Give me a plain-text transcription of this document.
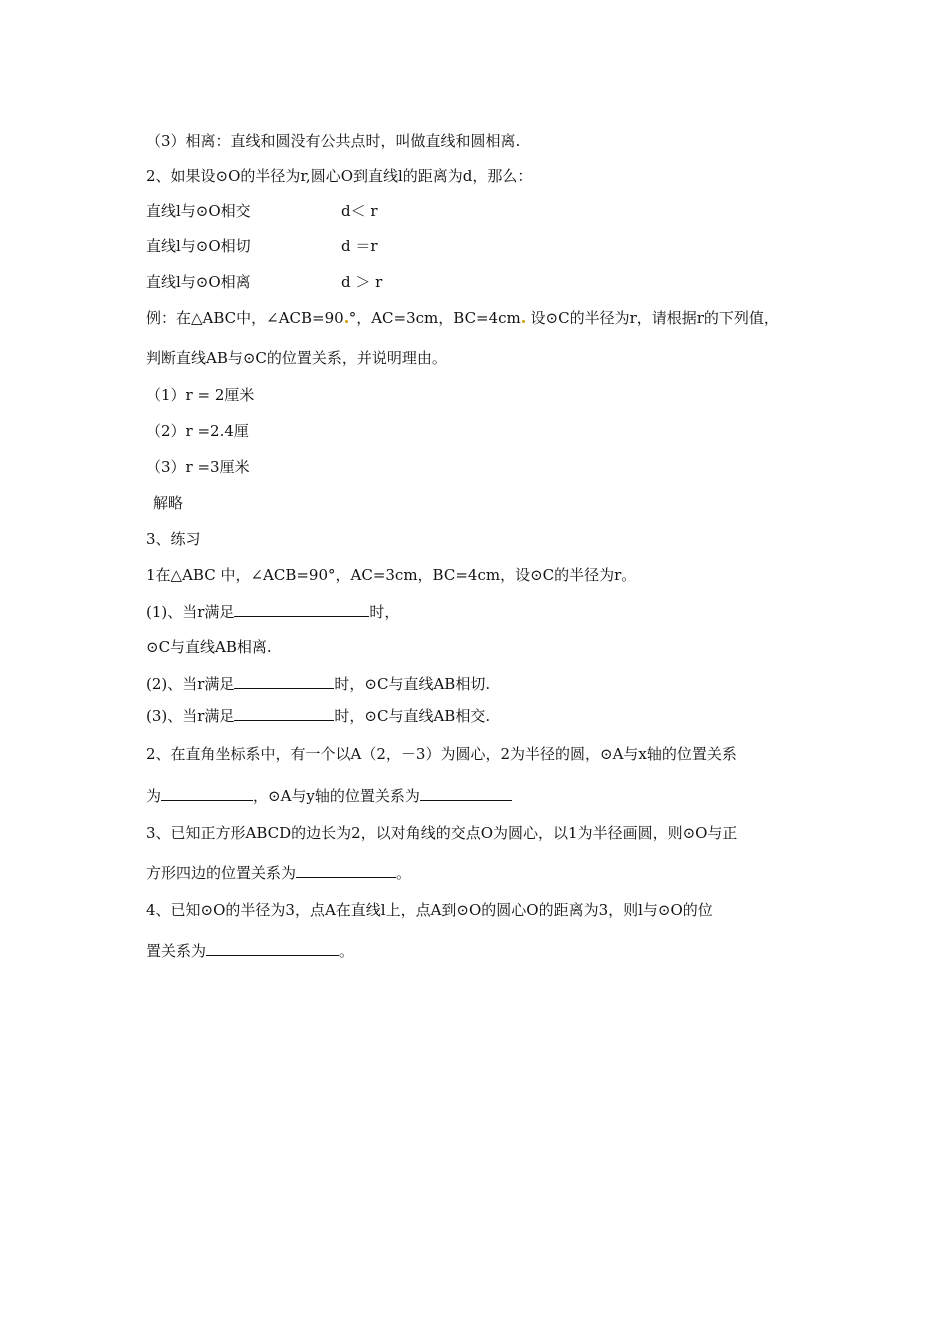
（3）相离：直线和圆没有公共点时，叫做直线和圆相离.
2、如果设⊙O的半径为r,圆心O到直线l的距离为d，那么：
直线l与⊙O相交	d＜ r
直线l与⊙O相切	d ＝r
直线l与⊙O相离	d ＞ r
例：在△ABC中，∠ACB=90 °，AC=3cm，BC=4cm 设⊙C的半径为r，请根据r的下列值，
判断直线AB与⊙C的位置关系，并说明理由。
（1）r = 2厘米
（2）r =2.4厘
（3）r =3厘米
解略
3、练习
1在△ABC 中，∠ACB=90°，AC=3cm，BC=4cm，设⊙C的半径为r。
(1)、当r满足	时，
⊙C与直线AB相离.
(2)、当r满足	时，⊙C与直线AB相切.
(3)、当r满足	时，⊙C与直线AB相交.
2、在直角坐标系中，有一个以A（2，－3）为圆心，2为半径的圆，⊙A与x轴的位置关系
为	，⊙A与y轴的位置关系为
3、已知正方形ABCD的边长为2，以对角线的交点O为圆心，以1为半径画圆，则⊙O与正
方形四边的位置关系为	。
4、已知⊙O的半径为3，点A在直线l上，点A到⊙O的圆心O的距离为3，则l与⊙O的位
置关系为	。
